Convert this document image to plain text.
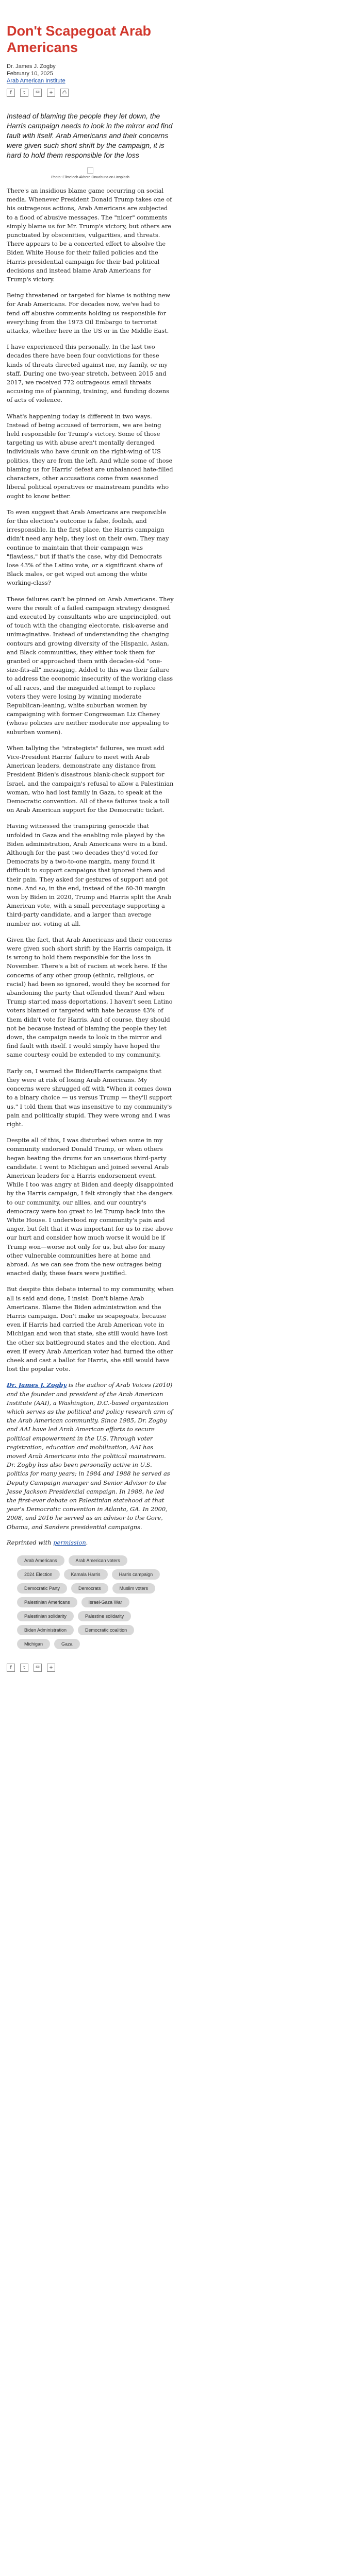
Don't Scapegoat Arab Americans
Dr. James J. Zogby
February 10, 2025
Arab American Institute
f	t	✉	+	⎙
Instead of blaming the people they let down, the Harris campaign needs to look in the mirror and find fault with itself. Arab Americans and their concerns were given such short shrift by the campaign, it is hard to hold them responsible for the loss

Photo: Elimelech Akhere Onuabuna on Unsplash

There's an insidious blame game occurring on social media. Whenever President Donald Trump takes one of his outrageous actions, Arab Americans are subjected to a flood of abusive messages. The "nicer" comments simply blame us for Mr. Trump's victory, but others are punctuated by obscenities, vulgarities, and threats. There appears to be a concerted effort to absolve the Biden White House for their failed policies and the Harris presidential campaign for their bad political decisions and instead blame Arab Americans for Trump's victory.

Being threatened or targeted for blame is nothing new for Arab Americans. For decades now, we've had to fend off abusive comments holding us responsible for everything from the 1973 Oil Embargo to terrorist attacks, whether here in the US or in the Middle East.

I have experienced this personally. In the last two decades there have been four convictions for these kinds of threats directed against me, my family, or my staff. During one two-year stretch, between 2015 and 2017, we received 772 outrageous email threats accusing me of planning, training, and funding dozens of acts of violence.

What's happening today is different in two ways. Instead of being accused of terrorism, we are being held responsible for Trump's victory. Some of those targeting us with abuse aren't mentally deranged individuals who have drunk on the right-wing of US politics, they are from the left. And while some of those blaming us for Harris' defeat are unbalanced hate-filled characters, other accusations come from seasoned liberal political operatives or mainstream pundits who ought to know better.

To even suggest that Arab Americans are responsible for this election's outcome is false, foolish, and irresponsible. In the first place, the Harris campaign didn't need any help, they lost on their own. They may continue to maintain that their campaign was "flawless," but if that's the case, why did Democrats lose 43% of the Latino vote, or a significant share of Black males, or get wiped out among the white working-class?

These failures can't be pinned on Arab Americans. They were the result of a failed campaign strategy designed and executed by consultants who are unprincipled, out of touch with the changing electorate, risk-averse and unimaginative. Instead of understanding the changing contours and growing diversity of the Hispanic, Asian, and Black communities, they either took them for granted or approached them with decades-old "one-size-fits-all" messaging. Added to this was their failure to address the economic insecurity of the working class of all races, and the misguided attempt to replace voters they were losing by winning moderate Republican-leaning, white suburban women by campaigning with former Congressman Liz Cheney (whose policies are neither moderate nor appealing to suburban women).

When tallying the "strategists" failures, we must add Vice-President Harris' failure to meet with Arab American leaders, demonstrate any distance from President Biden's disastrous blank-check support for Israel, and the campaign's refusal to allow a Palestinian woman, who had lost family in Gaza, to speak at the Democratic convention. All of these failures took a toll on Arab American support for the Democratic ticket.

Having witnessed the transpiring genocide that unfolded in Gaza and the enabling role played by the Biden administration, Arab Americans were in a bind. Although for the past two decades they'd voted for Democrats by a two-to-one margin, many found it difficult to support campaigns that ignored them and their pain. They asked for gestures of support and got none. And so, in the end, instead of the 60-30 margin won by Biden in 2020, Trump and Harris split the Arab American vote, with a small percentage supporting a third-party candidate, and a larger than average number not voting at all.

Given the fact, that Arab Americans and their concerns were given such short shrift by the Harris campaign, it is wrong to hold them responsible for the loss in November. There's a bit of racism at work here. If the concerns of any other group (ethnic, religious, or racial) had been so ignored, would they be scorned for abandoning the party that offended them? And when Trump started mass deportations, I haven't seen Latino voters blamed or targeted with hate because 43% of them didn't vote for Harris. And of course, they should not be because instead of blaming the people they let down, the campaign needs to look in the mirror and find fault with itself. I would simply have hoped the same courtesy could be extended to my community.

Early on, I warned the Biden/Harris campaigns that they were at risk of losing Arab Americans. My concerns were shrugged off with "When it comes down to a binary choice — us versus Trump — they'll support us." I told them that was insensitive to my community's pain and politically stupid. They were wrong and I was right.

Despite all of this, I was disturbed when some in my community endorsed Donald Trump, or when others began beating the drums for an unserious third-party candidate. I went to Michigan and joined several Arab American leaders for a Harris endorsement event. While I too was angry at Biden and deeply disappointed by the Harris campaign, I felt strongly that the dangers to our community, our allies, and our country's democracy were too great to let Trump back into the White House. I understood my community's pain and anger, but felt that it was important for us to rise above our hurt and consider how much worse it would be if Trump won—worse not only for us, but also for many other vulnerable communities here at home and abroad. As we can see from the new outrages being enacted daily, these fears were justified.

But despite this debate internal to my community, when all is said and done, I insist: Don't blame Arab Americans. Blame the Biden administration and the Harris campaign. Don't make us scapegoats, because even if Harris had carried the Arab American vote in Michigan and won that state, she still would have lost the other six battleground states and the election. And even if every Arab American voter had turned the other cheek and cast a ballot for Harris, she still would have lost the popular vote.

Dr. James J. Zogby is the author of Arab Voices (2010) and the founder and president of the Arab American Institute (AAI), a Washington, D.C.-based organization which serves as the political and policy research arm of the Arab American community. Since 1985, Dr. Zogby and AAI have led Arab American efforts to secure political empowerment in the U.S. Through voter registration, education and mobilization, AAI has moved Arab Americans into the political mainstream. Dr. Zogby has also been personally active in U.S. politics for many years; in 1984 and 1988 he served as Deputy Campaign manager and Senior Advisor to the Jesse Jackson Presidential campaign. In 1988, he led the first-ever debate on Palestinian statehood at that year's Democratic convention in Atlanta, GA. In 2000, 2008, and 2016 he served as an advisor to the Gore, Obama, and Sanders presidential campaigns.
Reprinted with permission.
Arab Americans	Arab American voters
2024 Election	Kamala Harris	Harris campaign
Democratic Party	Democrats	Muslim voters
Palestinian Americans	Israel-Gaza War
Palestinian solidarity	Palestine solidarity
Biden Administration	Democratic coalition
Michigan	Gaza
f	t	✉	+
